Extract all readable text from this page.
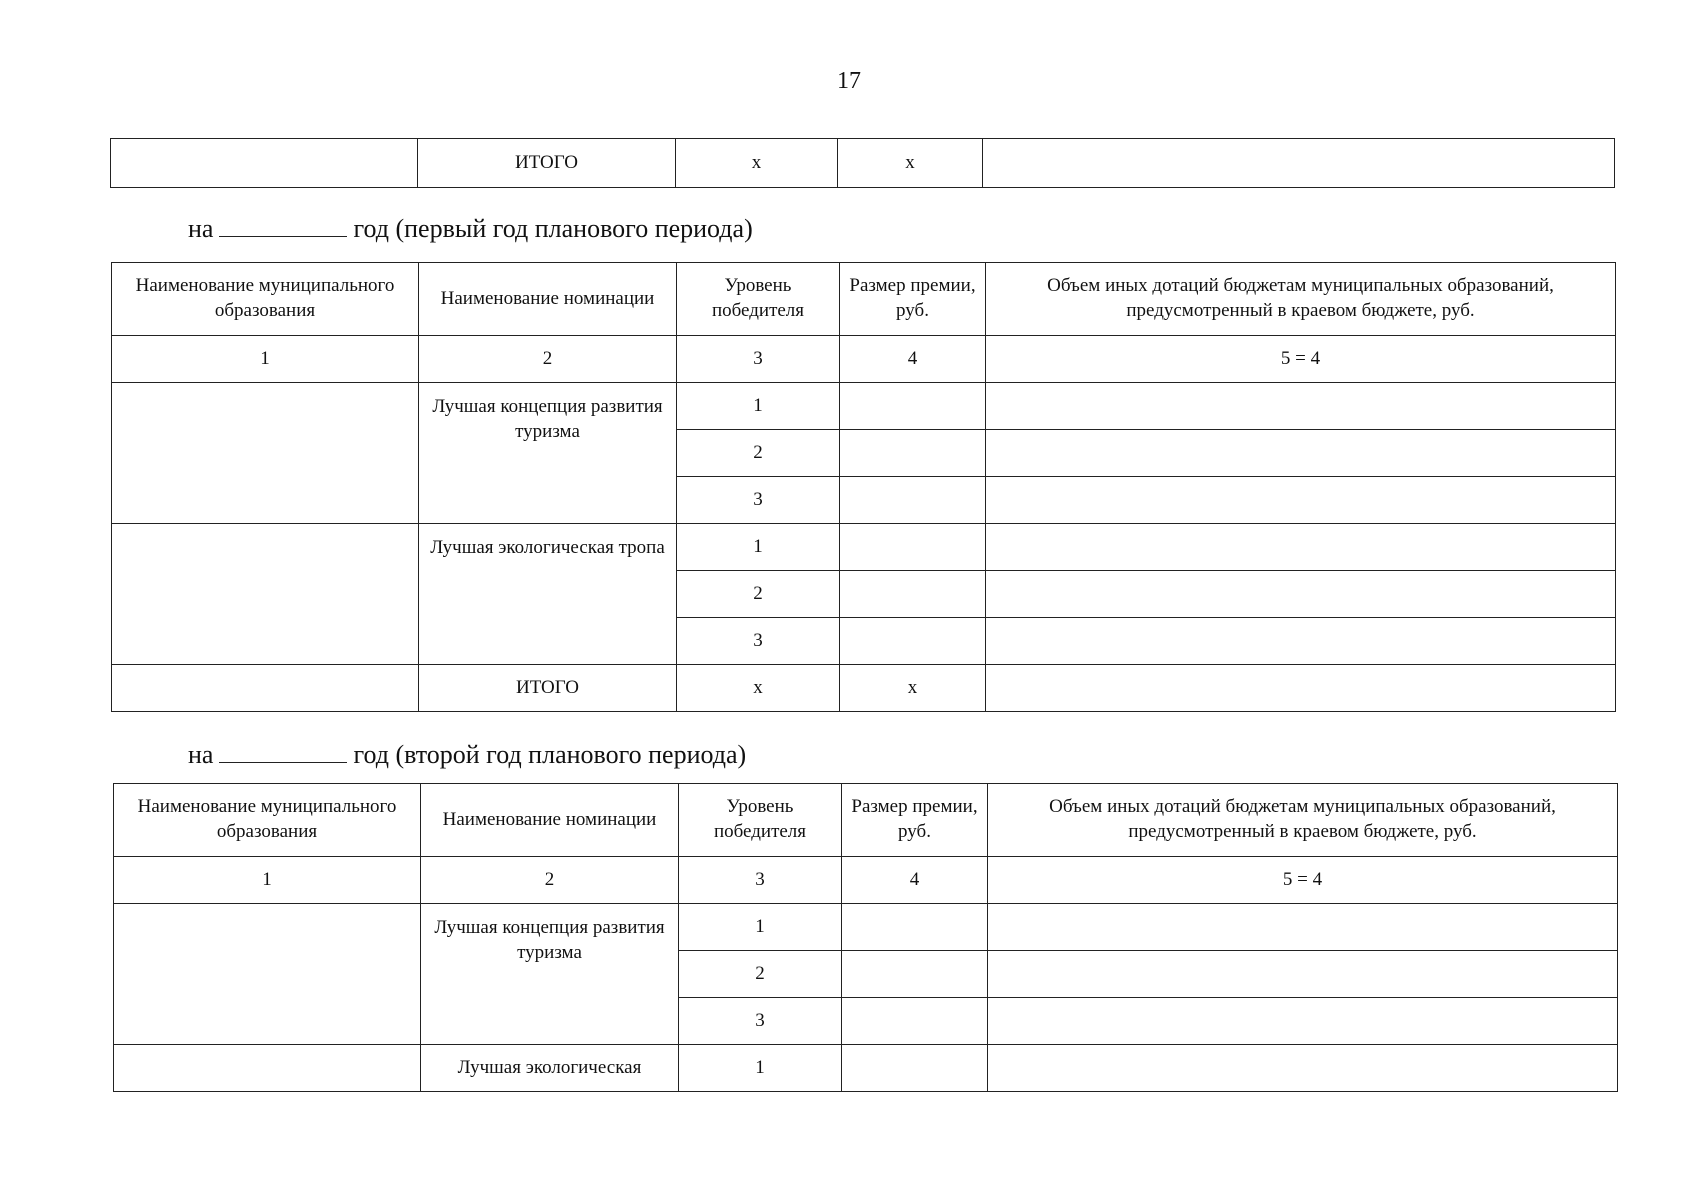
17
	ИТОГО	х	х	
на	год (первый год планового периода)
Наименование муниципального образования	Наименование номинации	Уровень победителя	Размер премии, руб.	Объем иных дотаций бюджетам муниципальных образований, предусмотренный в краевом бюджете, руб.
1	2	3	4	5 = 4
	Лучшая концепция развития туризма	1		
		2		
		3		
	Лучшая экологическая тропа	1		
		2		
		3		
	ИТОГО	х	х	
на	год (второй год планового периода)
Наименование муниципального образования	Наименование номинации	Уровень победителя	Размер премии, руб.	Объем иных дотаций бюджетам муниципальных образований, предусмотренный в краевом бюджете, руб.
1	2	3	4	5 = 4
	Лучшая концепция развития туризма	1		
		2		
		3		
	Лучшая экологическая	1		
